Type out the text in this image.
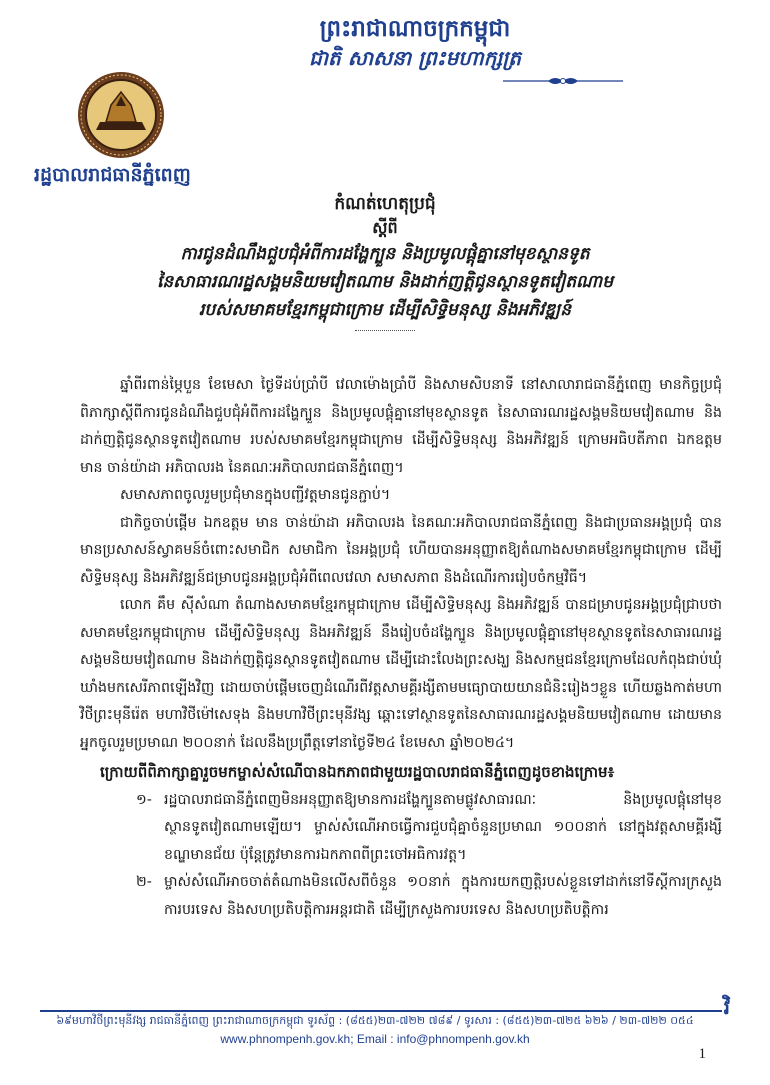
ព្រះរាជាណាចក្រកម្ពុជា
ជាតិ សាសនា ព្រះមហាក្សត្រ
រដ្ឋបាលរាជធានីភ្នំពេញ
កំណត់ហេតុប្រជុំ
ស្តីពី
ការជូនដំណឹងជួបជុំអំពីការដង្ហែក្បួន និងប្រមូលផ្តុំគ្នានៅមុខស្ថានទូត
នៃសាធារណរដ្ឋសង្គមនិយមវៀតណាម និងដាក់ញត្តិជូនស្ថានទូតវៀតណាម
របស់សមាគមខ្មែរកម្ពុជាក្រោម ដើម្បីសិទ្ធិមនុស្ស និងអភិវឌ្ឍន៍

ឆ្នាំពីរពាន់ម្ភៃបួន ខែមេសា ថ្ងៃទីដប់ប្រាំបី វេលាម៉ោងប្រាំបី និងសាមសិបនាទី នៅសាលារាជធានីភ្នំពេញ មានកិច្ចប្រជុំពិភាក្សាស្តីពីការជូនដំណឹងជួបជុំអំពីការដង្ហែក្បួន និងប្រមូលផ្តុំគ្នានៅមុខស្ថានទូត នៃសាធារណរដ្ឋសង្គមនិយមវៀតណាម និងដាក់ញត្តិជូនស្ថានទូតវៀតណាម របស់សមាគមខ្មែរកម្ពុជាក្រោម ដើម្បីសិទ្ធិមនុស្ស និងអភិវឌ្ឍន៍ ក្រោមអធិបតីភាព ឯកឧត្តម មាន ចាន់យ៉ាដា អភិបាលរង នៃគណៈអភិបាលរាជធានីភ្នំពេញ។

សមាសភាពចូលរួមប្រជុំមានក្នុងបញ្ជីវត្តមានជូនភ្ជាប់។

ជាកិច្ចចាប់ផ្តើម ឯកឧត្តម មាន ចាន់យ៉ាដា អភិបាលរង នៃគណៈអភិបាលរាជធានីភ្នំពេញ និងជាប្រធានអង្គប្រជុំ បានមានប្រសាសន៍ស្វាគមន៍ចំពោះសមាជិក សមាជិកា នៃអង្គប្រជុំ ហើយបានអនុញ្ញាតឱ្យតំណាងសមាគមខ្មែរកម្ពុជាក្រោម ដើម្បីសិទ្ធិមនុស្ស និងអភិវឌ្ឍន៍ជម្រាបជូនអង្គប្រជុំអំពីពេលវេលា សមាសភាព និងដំណើរការរៀបចំកម្មវិធី។

លោក គឹម ស៊ីសំណា តំណាងសមាគមខ្មែរកម្ពុជាក្រោម ដើម្បីសិទ្ធិមនុស្ស និងអភិវឌ្ឍន៍ បានជម្រាបជូនអង្គប្រជុំជ្រាបថា សមាគមខ្មែរកម្ពុជាក្រោម ដើម្បីសិទ្ធិមនុស្ស និងអភិវឌ្ឍន៍ នឹងរៀបចំដង្ហែក្បួន និងប្រមូលផ្តុំគ្នានៅមុខស្ថានទូតនៃសាធារណរដ្ឋសង្គមនិយមវៀតណាម និងដាក់ញត្តិជូនស្ថានទូតវៀតណាម ដើម្បីដោះលែងព្រះសង្ឃ និងសកម្មជនខ្មែរក្រោមដែលកំពុងជាប់ឃុំឃាំងមកសេរីភាពឡើងវិញ ដោយចាប់ផ្តើមចេញដំណើរពីវត្តសាមគ្គីរង្សីតាមមធ្យោបាយយានជំនិះរៀងៗខ្លួន ហើយឆ្លងកាត់មហាវិថីព្រះមុនីរ៉េត មហាវិថីម៉ៅសេទុង និងមហាវិថីព្រះមុនីវង្ស ឆ្ពោះទៅស្ថានទូតនៃសាធារណរដ្ឋសង្គមនិយមវៀតណាម ដោយមានអ្នកចូលរួមប្រមាណ ២០០នាក់ ដែលនឹងប្រព្រឹត្តទៅនាថ្ងៃទី២៤ ខែមេសា ឆ្នាំ២០២៤។

ក្រោយពីពិភាក្សាគ្នារួចមកម្ចាស់សំណើបានឯកភាពជាមួយរដ្ឋបាលរាជធានីភ្នំពេញដូចខាងក្រោម៖

១- រដ្ឋបាលរាជធានីភ្នំពេញមិនអនុញ្ញាតឱ្យមានការដង្ហែក្បួនតាមផ្លូវសាធារណៈ និងប្រមូលផ្តុំនៅមុខស្ថានទូតវៀតណាមឡើយ។ ម្ចាស់សំណើអាចធ្វើការជួបជុំគ្នាចំនួនប្រមាណ ១០០នាក់ នៅក្នុងវត្តសាមគ្គីរង្សី ខណ្ឌមានជ័យ ប៉ុន្តែត្រូវមានការឯកភាពពីព្រះចៅអធិការវត្ត។
២- ម្ចាស់សំណើអាចចាត់តំណាងមិនលើសពីចំនួន ១០នាក់ ក្នុងការយកញត្តិរបស់ខ្លួនទៅដាក់នៅទីស្តីការក្រសួងការបរទេស និងសហប្រតិបត្តិការអន្តរជាតិ ដើម្បីក្រសួងការបរទេស និងសហប្រតិបត្តិការ
វិ
៦៩មហាវិថីព្រះមុនីវង្ស រាជធានីភ្នំពេញ ព្រះរាជាណាចក្រកម្ពុជា ទូរស័ព្ទ : (៨៥៥)២៣-៧២២ ៧៨៩ / ទូរសារ : (៨៥៥)២៣-៧២៥ ៦២៦ / ២៣-៧២២ ០៥៤
www.phnompenh.gov.kh; Email : info@phnompenh.gov.kh
1
